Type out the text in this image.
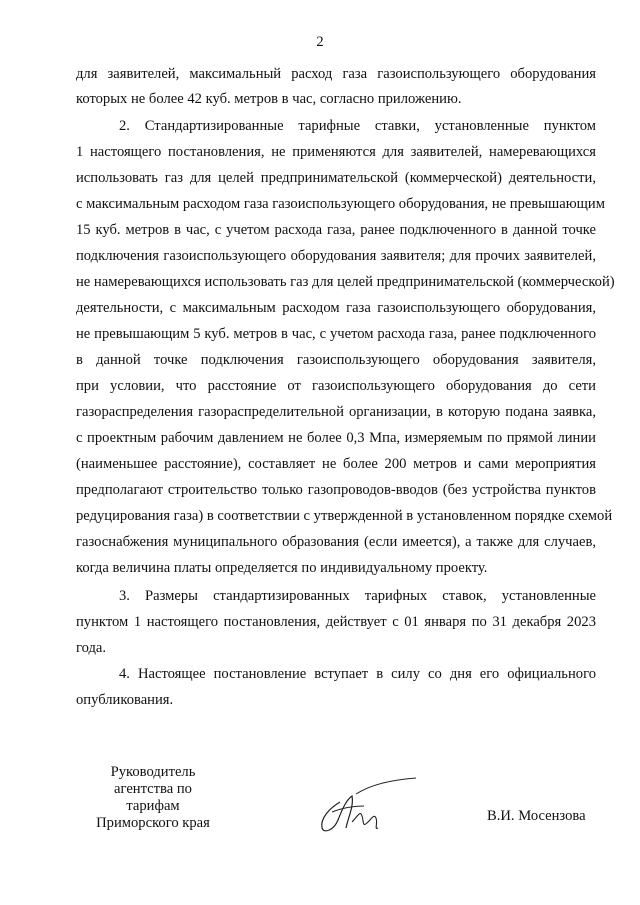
2
для заявителей, максимальный расход газа газоиспользующего оборудования
которых не более 42 куб. метров в час, согласно приложению.
2. Стандартизированные тарифные ставки, установленные пунктом
1 настоящего постановления, не применяются для заявителей, намеревающихся
использовать газ для целей предпринимательской (коммерческой) деятельности,
с максимальным расходом газа газоиспользующего оборудования, не превышающим
15 куб. метров в час, с учетом расхода газа, ранее подключенного в данной точке
подключения газоиспользующего оборудования заявителя; для прочих заявителей,
не намеревающихся использовать газ для целей предпринимательской (коммерческой)
деятельности, с максимальным расходом газа газоиспользующего оборудования,
не превышающим 5 куб. метров в час, с учетом расхода газа, ранее подключенного
в данной точке подключения газоиспользующего оборудования заявителя,
при условии, что расстояние от газоиспользующего оборудования до сети
газораспределения газораспределительной организации, в которую подана заявка,
с проектным рабочим давлением не более 0,3 Мпа, измеряемым по прямой линии
(наименьшее расстояние), составляет не более 200 метров и сами мероприятия
предполагают строительство только газопроводов-вводов (без устройства пунктов
редуцирования газа) в соответствии с утвержденной в установленном порядке схемой
газоснабжения муниципального образования (если имеется), а также для случаев,
когда величина платы определяется по индивидуальному проекту.
3. Размеры стандартизированных тарифных ставок, установленные
пунктом 1 настоящего постановления, действует с 01 января по 31 декабря 2023
года.
4. Настоящее постановление вступает в силу со дня его официального
опубликования.
Руководитель
агентства по тарифам
Приморского края	В.И. Мосензова
